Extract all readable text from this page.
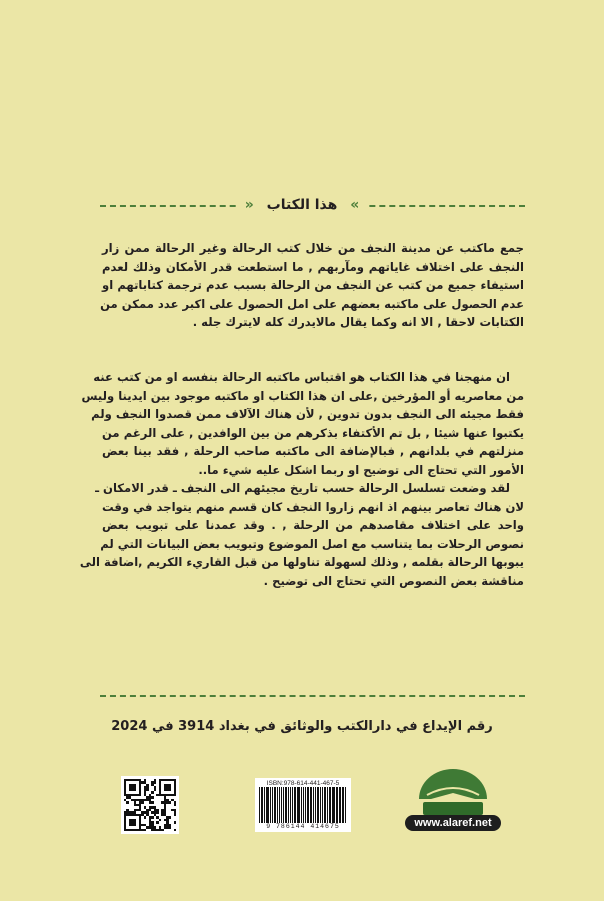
» هذا الكتاب «
جمع ماكتب عن مدينة النجف من خلال كتب الرحالة وغير الرحالة ممن زار
النجف على اختلاف غاياتهم ومآربهم , ما استطعت قدر الأمكان وذلك لعدم
استيفاء جميع من كتب عن النجف من الرحالة بسبب عدم ترجمة كتاباتهم او
عدم الحصول على ماكتبه بعضهم على امل الحصول على اكبر عدد ممكن من
الكتابات لاحقا , الا انه وكما يقال مالايدرك كله لايترك جله .
ان منهجنا في هذا الكتاب هو اقتباس ماكتبه الرحالة بنفسه او من كتب عنه
من معاصريه أو المؤرخين ,على ان هذا الكتاب او ماكتبه موجود بين ايدينا وليس
فقط مجيئه الى النجف بدون تدوين , لأن هناك الآلاف ممن قصدوا النجف ولم
يكتبوا عنها شيئا , بل تم الأكتفاء بذكرهم من بين الوافدين , على الرغم من
منزلتهم في بلدانهم , فبالإضافة الى ماكتبه صاحب الرحلة , فقد بينا بعض
الأمور التي تحتاج الى توضيح او ربما اشكل عليه شيء ما..
لقد وضعت تسلسل الرحالة حسب تاريخ مجيئهم الى النجف ـ قدر الامكان ـ
لان هناك تعاصر بينهم اذ انهم زاروا النجف كان قسم منهم يتواجد في وقت
واحد على اختلاف مقاصدهم من الرحلة , . وقد عمدنا على تبويب بعض
نصوص الرحلات بما يتناسب مع اصل الموضوع وتبويب بعض البيانات التي لم
يبوبها الرحالة بقلمه , وذلك لسهولة تناولها من قبل القاريء الكريم ,اضافة الى
مناقشة بعض النصوص التي تحتاج الى توضيح .
رقم الإيداع في دارالكتب والوثائق في بغداد 3914 في 2024
ISBN:978-614-441-467-5
9 786144 414675	www.alaref.net
